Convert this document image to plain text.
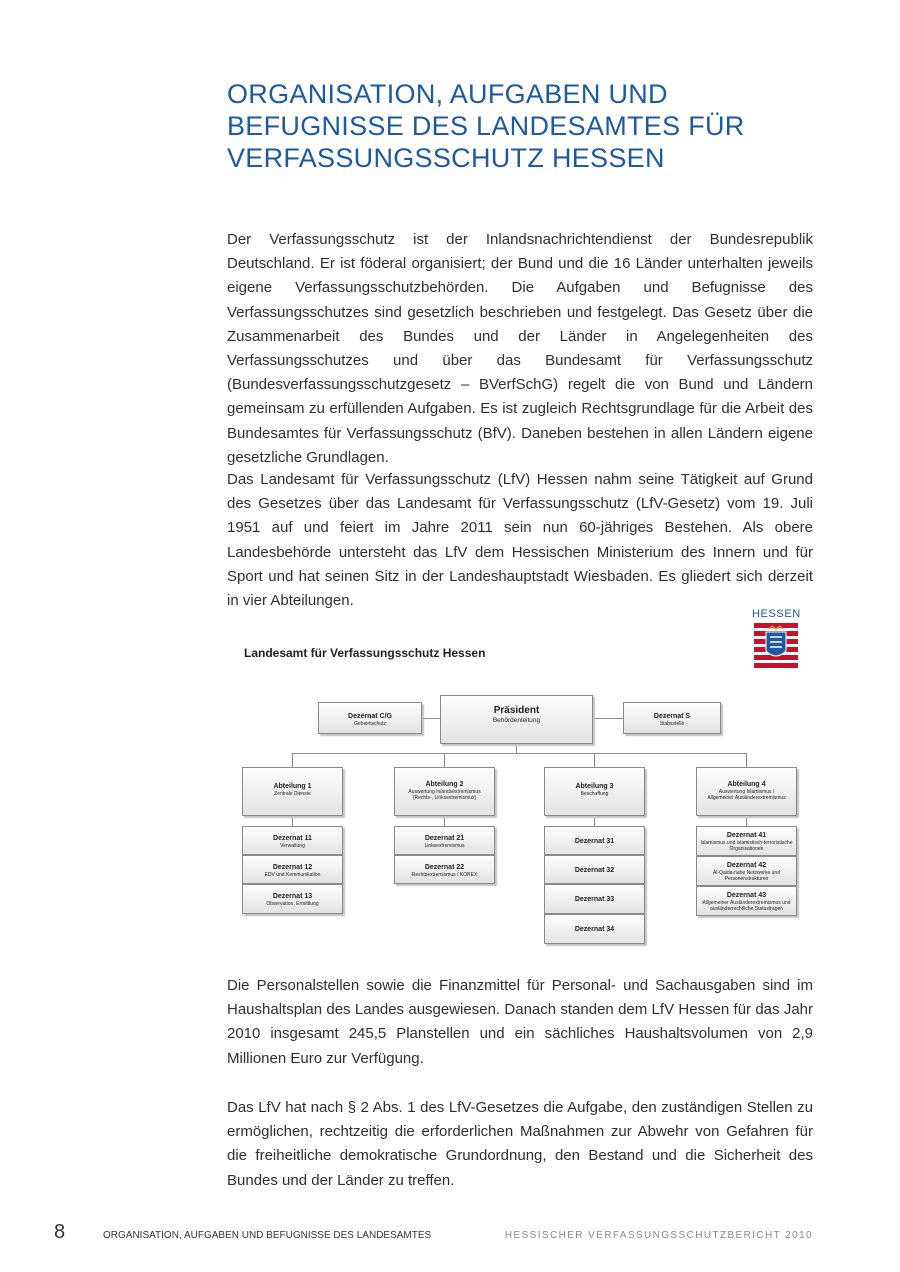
ORGANISATION, AUFGABEN UND
BEFUGNISSE DES LANDESAMTES FÜR
VERFASSUNGSSCHUTZ HESSEN

Der Verfassungsschutz ist der Inlandsnachrichtendienst der Bundesrepublik Deutschland. Er ist föderal organisiert; der Bund und die 16 Länder unterhalten jeweils eigene Verfassungsschutzbehörden. Die Aufgaben und Befugnisse des Verfassungsschutzes sind gesetzlich beschrieben und festgelegt. Das Gesetz über die Zusammenarbeit des Bundes und der Länder in Angelegenheiten des Verfassungsschutzes und über das Bundesamt für Verfassungsschutz (Bundesverfassungsschutzgesetz – BVerfSchG) regelt die von Bund und Ländern gemeinsam zu erfüllenden Aufgaben. Es ist zugleich Rechtsgrundlage für die Arbeit des Bundesamtes für Verfassungsschutz (BfV). Daneben bestehen in allen Ländern eigene gesetzliche Grundlagen.

Das Landesamt für Verfassungsschutz (LfV) Hessen nahm seine Tätigkeit auf Grund des Gesetzes über das Landesamt für Verfassungsschutz (LfV-Gesetz) vom 19. Juli 1951 auf und feiert im Jahre 2011 sein nun 60-jähriges Bestehen. Als obere Landesbehörde untersteht das LfV dem Hessischen Ministerium des Innern und für Sport und hat seinen Sitz in der Landeshauptstadt Wiesbaden. Es gliedert sich derzeit in vier Abteilungen.

HESSEN
Landesamt für Verfassungsschutz Hessen
Dezernat C/G
Geheimschutz
Präsident
Behördenleitung
Dezernat S
Stabsstelle
Abteilung 1
Zentrale Dienste
Dezernat 11
Verwaltung
Dezernat 12
EDV und Kommunikation
Dezernat 13
Observation, Ermittlung
Abteilung 2
Auswertung Inlandsextremismus
(Rechts-, Linksextremismus)
Dezernat 21
Linksextremismus
Dezernat 22
Rechtsextremismus / KOREX
Abteilung 3
Beschaffung
Dezernat 31
Dezernat 32
Dezernat 33
Dezernat 34
Abteilung 4
Auswertung Islamismus /
Allgemeiner Ausländerextremismus
Dezernat 41
Islamismus und islamistisch-terroristische
Organisationen
Dezernat 42
Al-Qaida-nahe Netzwerke und
Personenstrukturen
Dezernat 43
Allgemeiner Ausländerextremismus und
ausländerrechtliche Statusfragen

Die Personalstellen sowie die Finanzmittel für Personal- und Sachausgaben sind im Haushaltsplan des Landes ausgewiesen. Danach standen dem LfV Hessen für das Jahr 2010 insgesamt 245,5 Planstellen und ein sächliches Haushaltsvolumen von 2,9 Millionen Euro zur Verfügung.

Das LfV hat nach § 2 Abs. 1 des LfV-Gesetzes die Aufgabe, den zuständigen Stellen zu ermöglichen, rechtzeitig die erforderlichen Maßnahmen zur Abwehr von Gefahren für die freiheitliche demokratische Grundordnung, den Bestand und die Sicherheit des Bundes und der Länder zu treffen.

8	ORGANISATION, AUFGABEN UND BEFUGNISSE DES LANDESAMTES	HESSISCHER VERFASSUNGSSCHUTZBERICHT 2010
